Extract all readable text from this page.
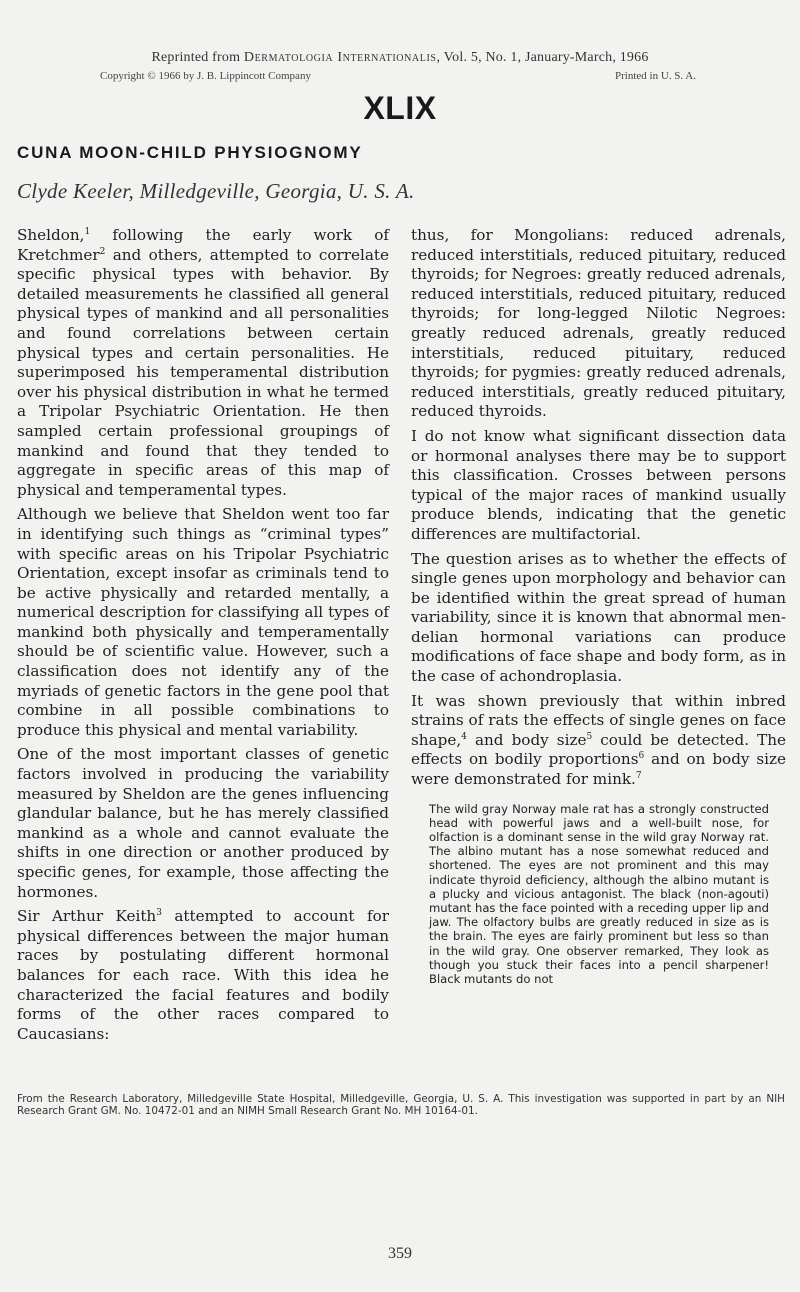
Reprinted from Dermatologia Internationalis, Vol. 5, No. 1, January-March, 1966
Copyright © 1966 by J. B. Lippincott Company	Printed in U. S. A.
XLIX
CUNA MOON-CHILD PHYSIOGNOMY
Clyde Keeler, Milledgeville, Georgia, U. S. A.

Sheldon,$^1$ following the early work of Kretchmer$^2$ and others, attempted to correlate specific physical types with behavior. By detailed measurements he classified all general physical types of mankind and all personalities and found correlations between certain physical types and certain personalities. He superimposed his temperamental distribution over his physical distribution in what he termed a Tripolar Psychiatric Orientation. He then sampled certain professional groupings of mankind and found that they tended to aggregate in specific areas of this map of physical and temperamental types.

Although we believe that Sheldon went too far in identifying such things as “criminal types” with specific areas on his Tripolar Psychiatric Orientation, except insofar as criminals tend to be active physically and retarded mentally, a numerical description for classifying all types of mankind both physically and temperamentally should be of scientific value. However, such a classification does not identify any of the myriads of genetic factors in the gene pool that combine in all possible combinations to produce this physical and mental variability.

One of the most important classes of genetic factors involved in producing the variability measured by Sheldon are the genes influencing glandular balance, but he has merely classified mankind as a whole and cannot evaluate the shifts in one direction or another produced by specific genes, for example, those affecting the hormones.

Sir Arthur Keith$^3$ attempted to account for physical differences between the major human races by postulating different hormonal balances for each race. With this idea he characterized the facial features and bodily forms of the other races compared to Caucasians:

thus, for Mongolians: reduced adrenals, reduced interstitials, reduced pituitary, reduced thyroids; for Negroes: greatly reduced adrenals, reduced interstitials, reduced pituitary, reduced thyroids; for long-legged Nilotic Negroes: greatly reduced adrenals, greatly reduced interstitials, reduced pituitary, reduced thyroids; for pygmies: greatly reduced adrenals, reduced interstitials, greatly reduced pituitary, reduced thyroids.

I do not know what significant dissection data or hormonal analyses there may be to support this classification. Crosses between persons typical of the major races of mankind usually produce blends, indicating that the genetic differences are multifactorial.

The question arises as to whether the effects of single genes upon morphology and behavior can be identified within the great spread of human variability, since it is known that abnormal mendelian hormonal variations can produce modifications of face shape and body form, as in the case of achondroplasia.

It was shown previously that within inbred strains of rats the effects of single genes on face shape,$^4$ and body size$^5$ could be detected. The effects on bodily proportions$^6$ and on body size were demonstrated for mink.$^7$

The wild gray Norway male rat has a strongly constructed head with powerful jaws and a well-built nose, for olfaction is a dominant sense in the wild gray Norway rat. The albino mutant has a nose somewhat reduced and shortened. The eyes are not prominent and this may indicate thyroid deficiency, although the albino mutant is a plucky and vicious antagonist. The black (non-agouti) mutant has the face pointed with a receding upper lip and jaw. The olfactory bulbs are greatly reduced in size as is the brain. The eyes are fairly prominent but less so than in the wild gray. One observer remarked, They look as though you stuck their faces into a pencil sharpener! Black mutants do not
From the Research Laboratory, Milledgeville State Hospital, Milledgeville, Georgia, U. S. A. This investigation was supported in part by an NIH Research Grant GM. No. 10472-01 and an NIMH Small Research Grant No. MH 10164-01.
359
